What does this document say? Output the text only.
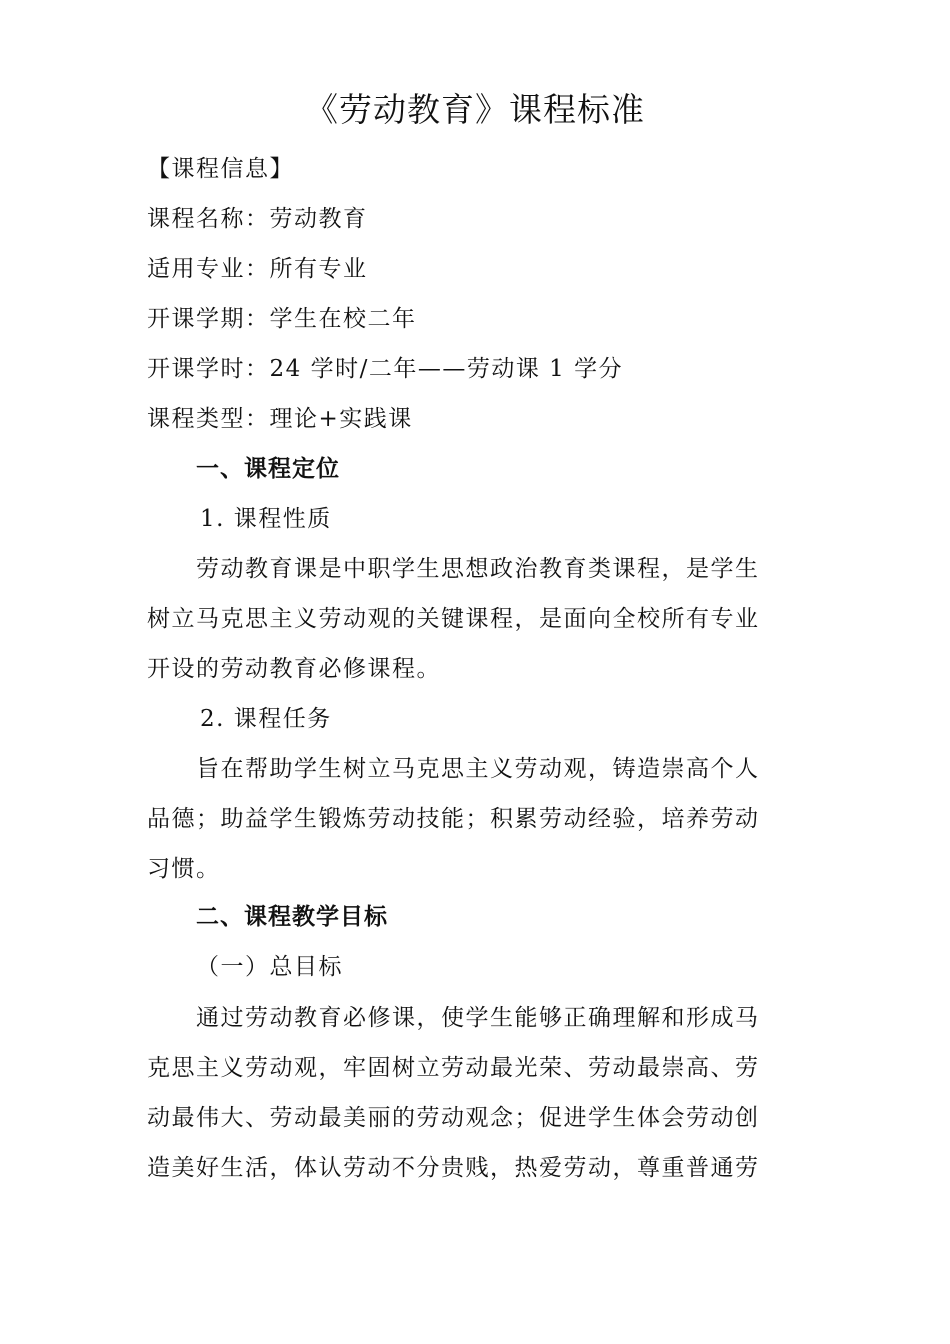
《劳动教育》课程标准
【课程信息】
课程名称：劳动教育
适用专业：所有专业
开课学期：学生在校二年
开课学时：24 学时/二年——劳动课 1 学分
课程类型：理论+实践课
一、课程定位
1. 课程性质
劳动教育课是中职学生思想政治教育类课程，是学生
树立马克思主义劳动观的关键课程，是面向全校所有专业
开设的劳动教育必修课程。
2. 课程任务
旨在帮助学生树立马克思主义劳动观，铸造崇高个人
品德；助益学生锻炼劳动技能；积累劳动经验，培养劳动
习惯。
二、课程教学目标
（一）总目标
通过劳动教育必修课，使学生能够正确理解和形成马
克思主义劳动观，牢固树立劳动最光荣、劳动最崇高、劳
动最伟大、劳动最美丽的劳动观念；促进学生体会劳动创
造美好生活，体认劳动不分贵贱，热爱劳动，尊重普通劳
